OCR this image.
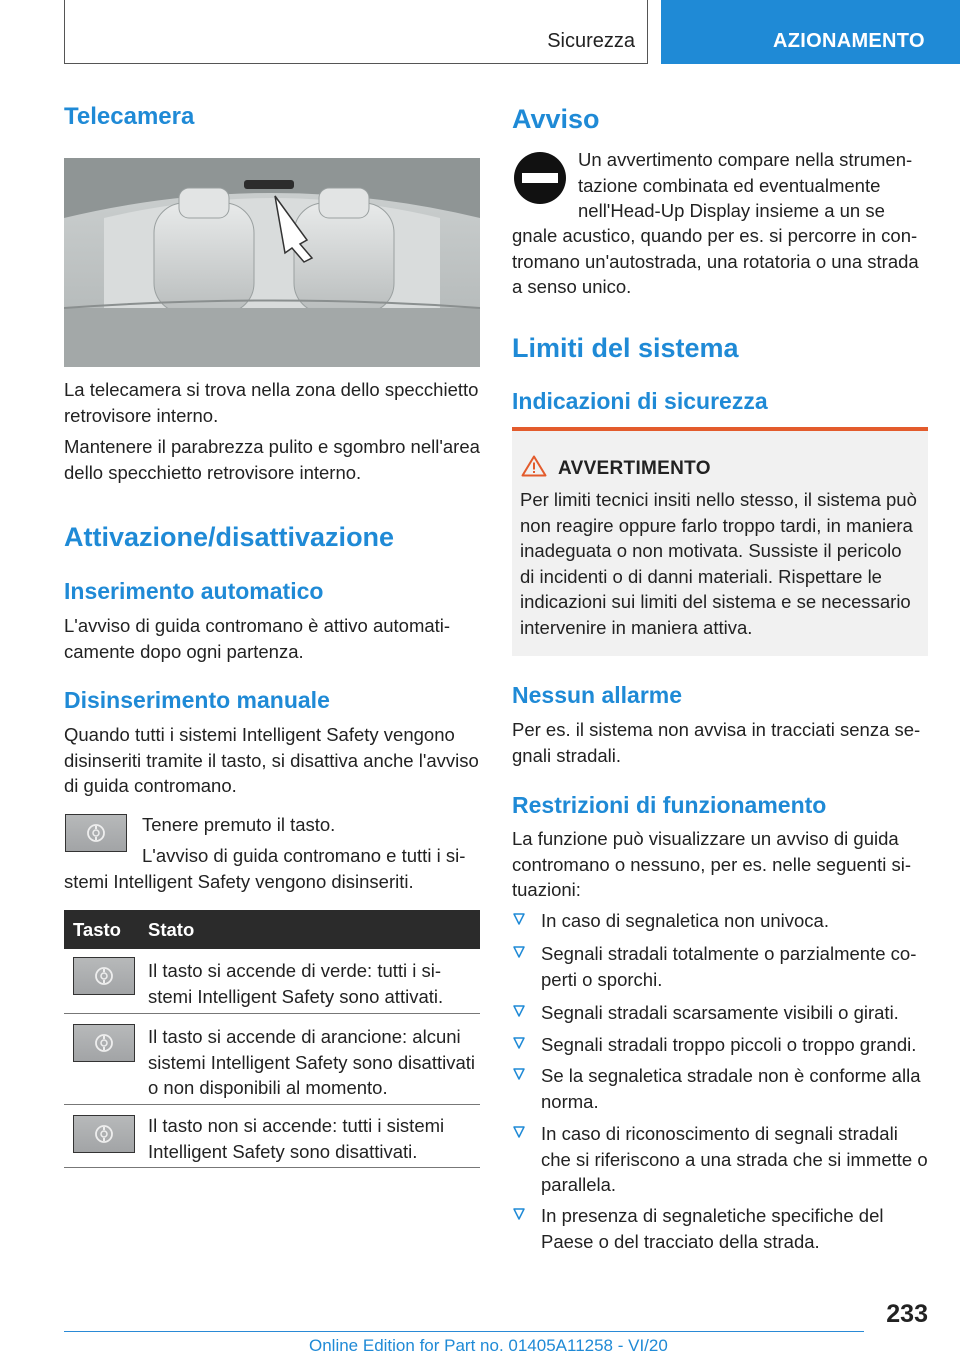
Sicurezza	AZIONAMENTO
Telecamera

La telecamera si trova nella zona dello specchietto retrovisore interno.

Mantenere il parabrezza pulito e sgombro nell'area dello specchietto retrovisore interno.

Attivazione/disattivazione
Inserimento automatico

L'avviso di guida contromano è attivo automaticamente dopo ogni partenza.

Disinserimento manuale

Quando tutti i sistemi Intelligent Safety vengono disinseriti tramite il tasto, si disattiva anche l'avviso di guida contromano.

Tenere premuto il tasto.

L'avviso di guida contromano e tutti i sistemi Intelligent Safety vengono disinseriti.

Tasto Stato
Il tasto si accende di verde: tutti i sistemi Intelligent Safety sono attivati.
Il tasto si accende di arancione: alcuni sistemi Intelligent Safety sono disattivati o non disponibili al momento.
Il tasto non si accende: tutti i sistemi Intelligent Safety sono disattivati.
Avviso

Un avvertimento compare nella strumentazione combinata ed eventualmente nell'Head-Up Display insieme a un se

gnale acustico, quando per es. si percorre in contromano un'autostrada, una rotatoria o una strada a senso unico.

Limiti del sistema
Indicazioni di sicurezza
AVVERTIMENTO
Per limiti tecnici insiti nello stesso, il sistema può non reagire oppure farlo troppo tardi, in maniera inadeguata o non motivata. Sussiste il pericolo di incidenti o di danni materiali. Rispettare le indicazioni sui limiti del sistema e se necessario intervenire in maniera attiva.
Nessun allarme

Per es. il sistema non avvisa in tracciati senza segnali stradali.

Restrizioni di funzionamento

La funzione può visualizzare un avviso di guida contromano o nessuno, per es. nelle seguenti situazioni:

In caso di segnaletica non univoca.
Segnali stradali totalmente o parzialmente coperti o sporchi.
Segnali stradali scarsamente visibili o girati.
Segnali stradali troppo piccoli o troppo grandi.
Se la segnaletica stradale non è conforme alla norma.
In caso di riconoscimento di segnali stradali che si riferiscono a una strada che si immette o parallela.
In presenza di segnaletiche specifiche del Paese o del tracciato della strada.
233
Online Edition for Part no. 01405A11258 - VI/20
